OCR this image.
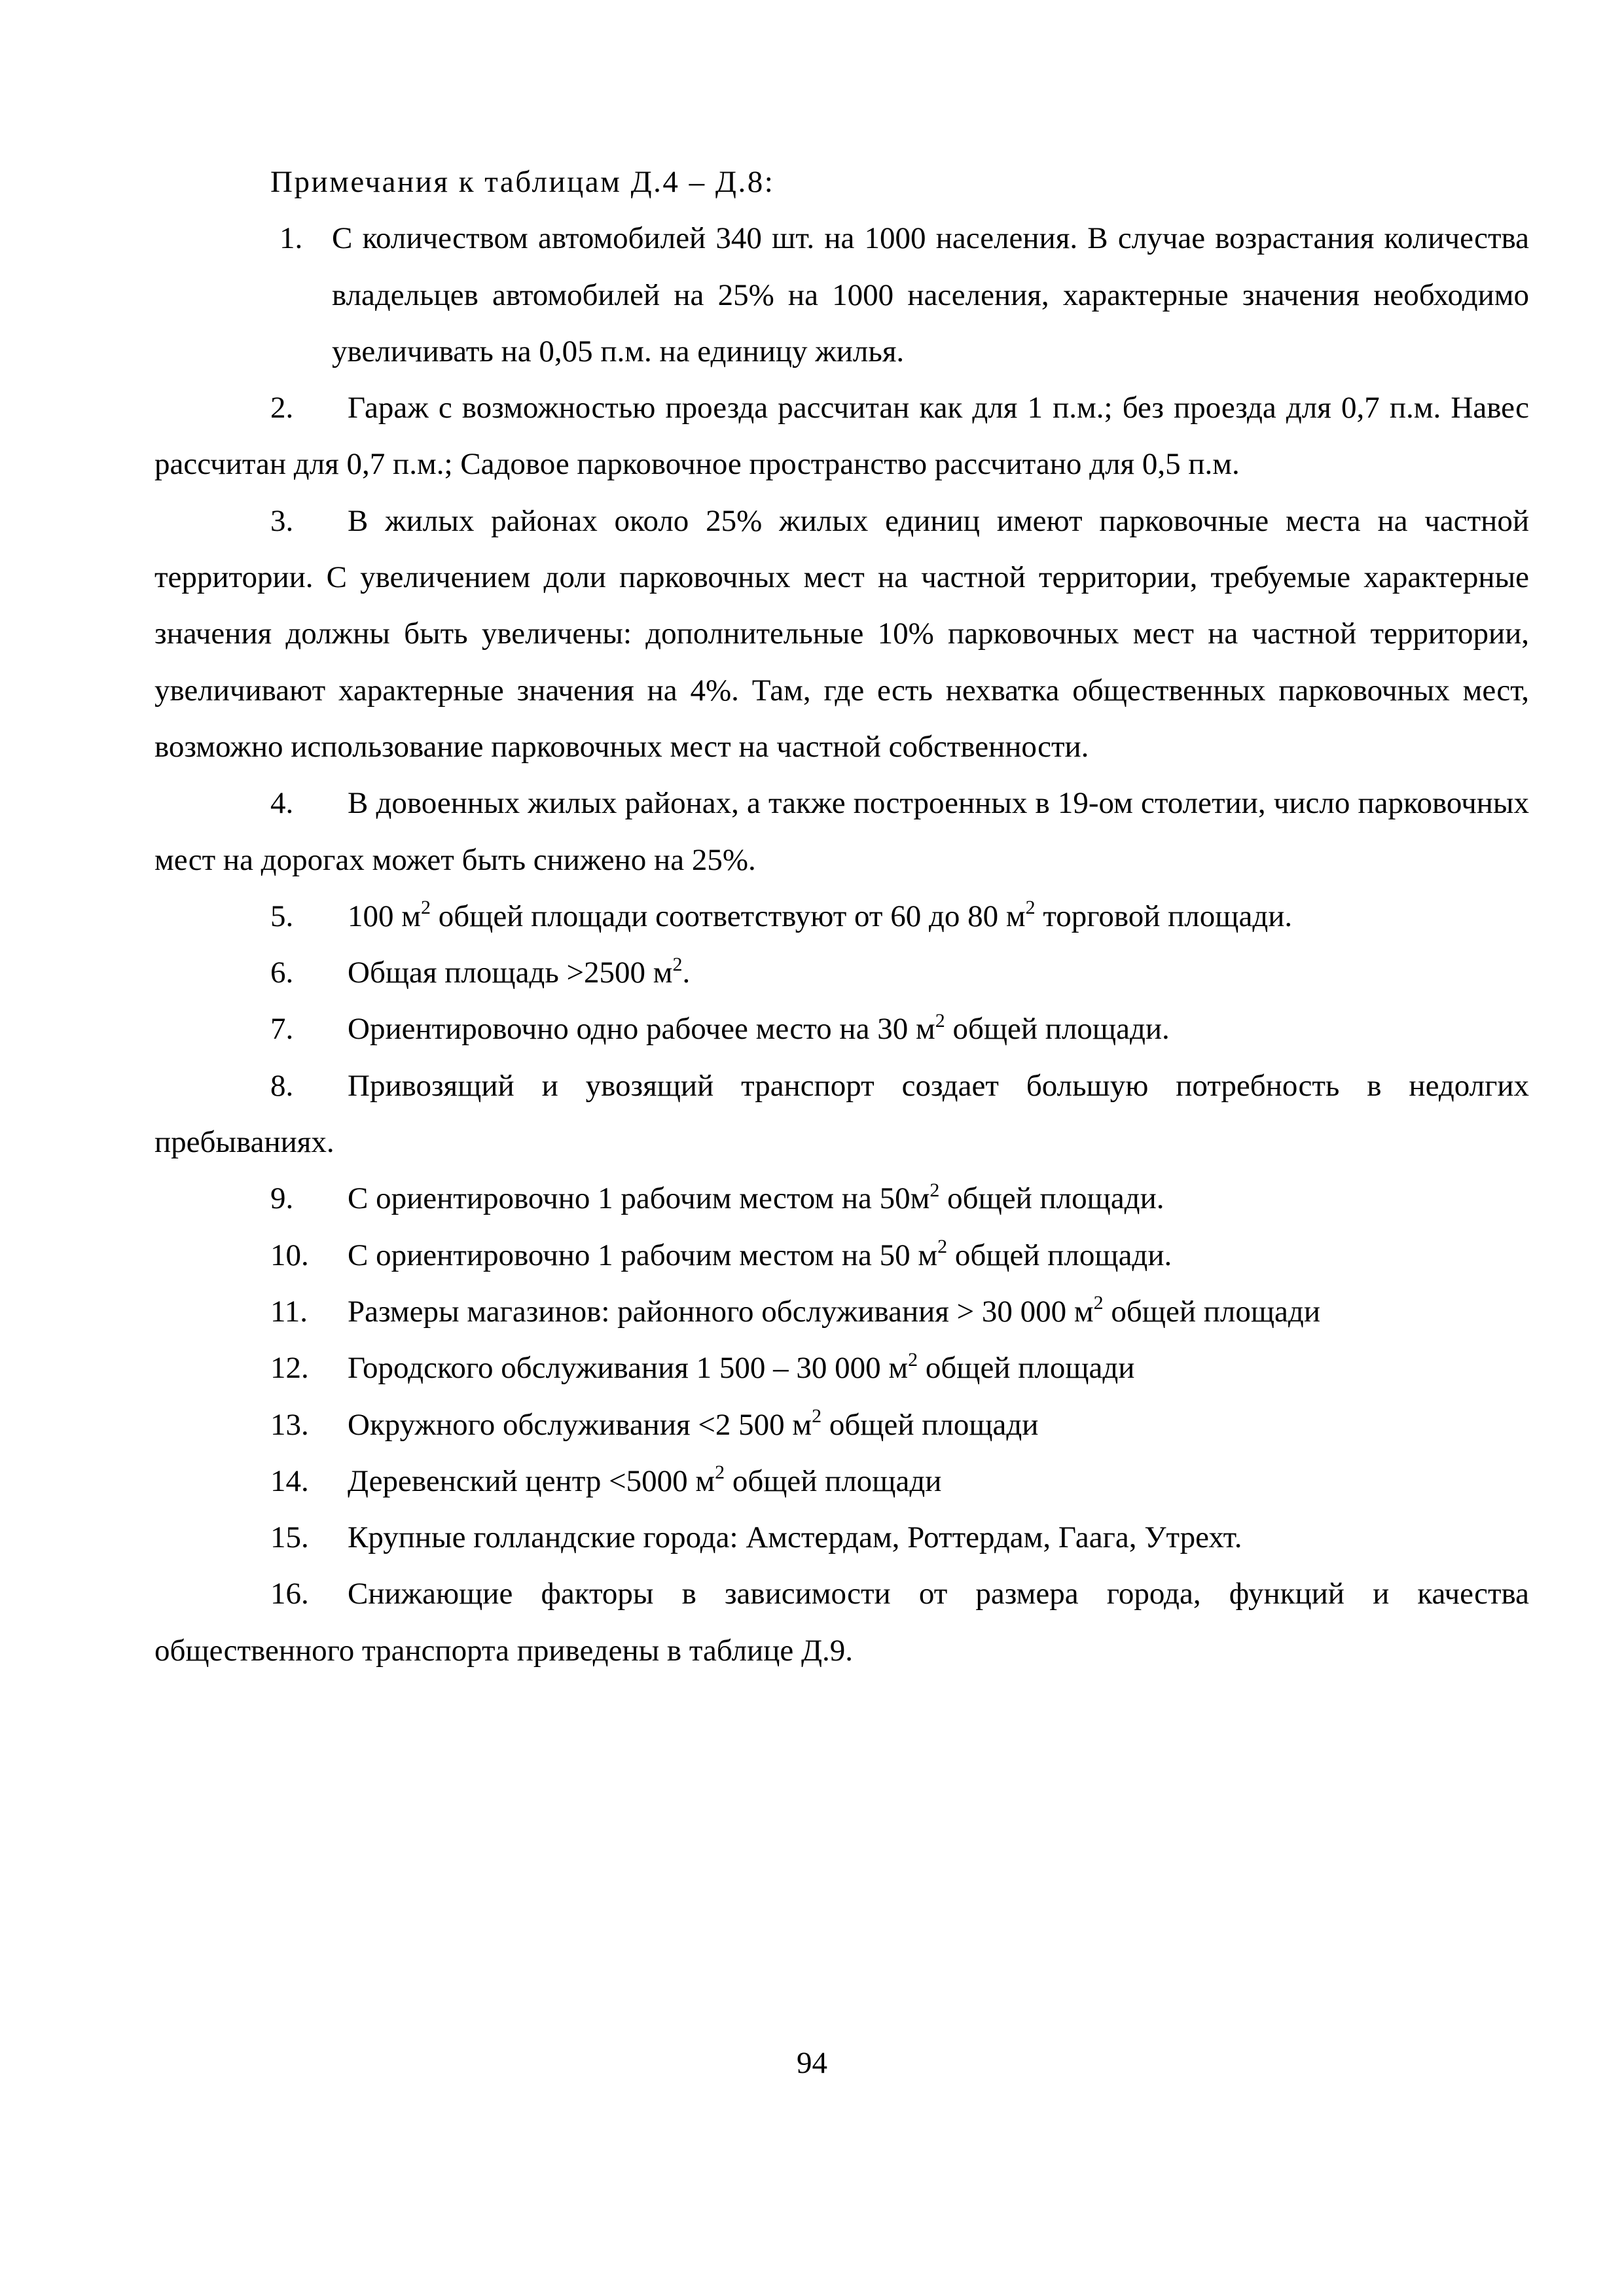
Примечания к таблицам Д.4 – Д.8:
1. С количеством автомобилей 340 шт. на 1000 населения. В случае возрастания количества владельцев автомобилей на 25% на 1000 населения, характерные значения необходимо увеличивать на 0,05 п.м. на единицу жилья.
2. Гараж с возможностью проезда рассчитан как для 1 п.м.; без проезда для 0,7 п.м. Навес рассчитан для 0,7 п.м.; Садовое парковочное пространство рассчитано для 0,5 п.м.
3. В жилых районах около 25% жилых единиц имеют парковочные места на частной территории. С увеличением доли парковочных мест на частной территории, требуемые характерные значения должны быть увеличены: дополнительные 10% парковочных мест на частной территории, увеличивают характерные значения на 4%. Там, где есть нехватка общественных парковочных мест, возможно использование парковочных мест на частной собственности.
4. В довоенных жилых районах, а также построенных в 19-ом столетии, число парковочных мест на дорогах может быть снижено на 25%.
5. 100 $м^2$ общей площади соответствуют от 60 до 80 $м^2$ торговой площади.
6. Общая площадь >2500 $м^2$.
7. Ориентировочно одно рабочее место на 30 $м^2$ общей площади.
8. Привозящий и увозящий транспорт создает большую потребность в недолгих пребываниях.
9. С ориентировочно 1 рабочим местом на $50м^2$ общей площади.
10. С ориентировочно 1 рабочим местом на 50 $м^2$ общей площади.
11. Размеры магазинов: районного обслуживания > 30 000 $м^2$ общей площади
12. Городского обслуживания 1 500 – 30 000 $м^2$ общей площади
13. Окружного обслуживания <2 500 $м^2$ общей площади
14. Деревенский центр <5000 $м^2$ общей площади
15. Крупные голландские города: Амстердам, Роттердам, Гаага, Утрехт.
16. Снижающие факторы в зависимости от размера города, функций и качества общественного транспорта приведены в таблице Д.9.
94
